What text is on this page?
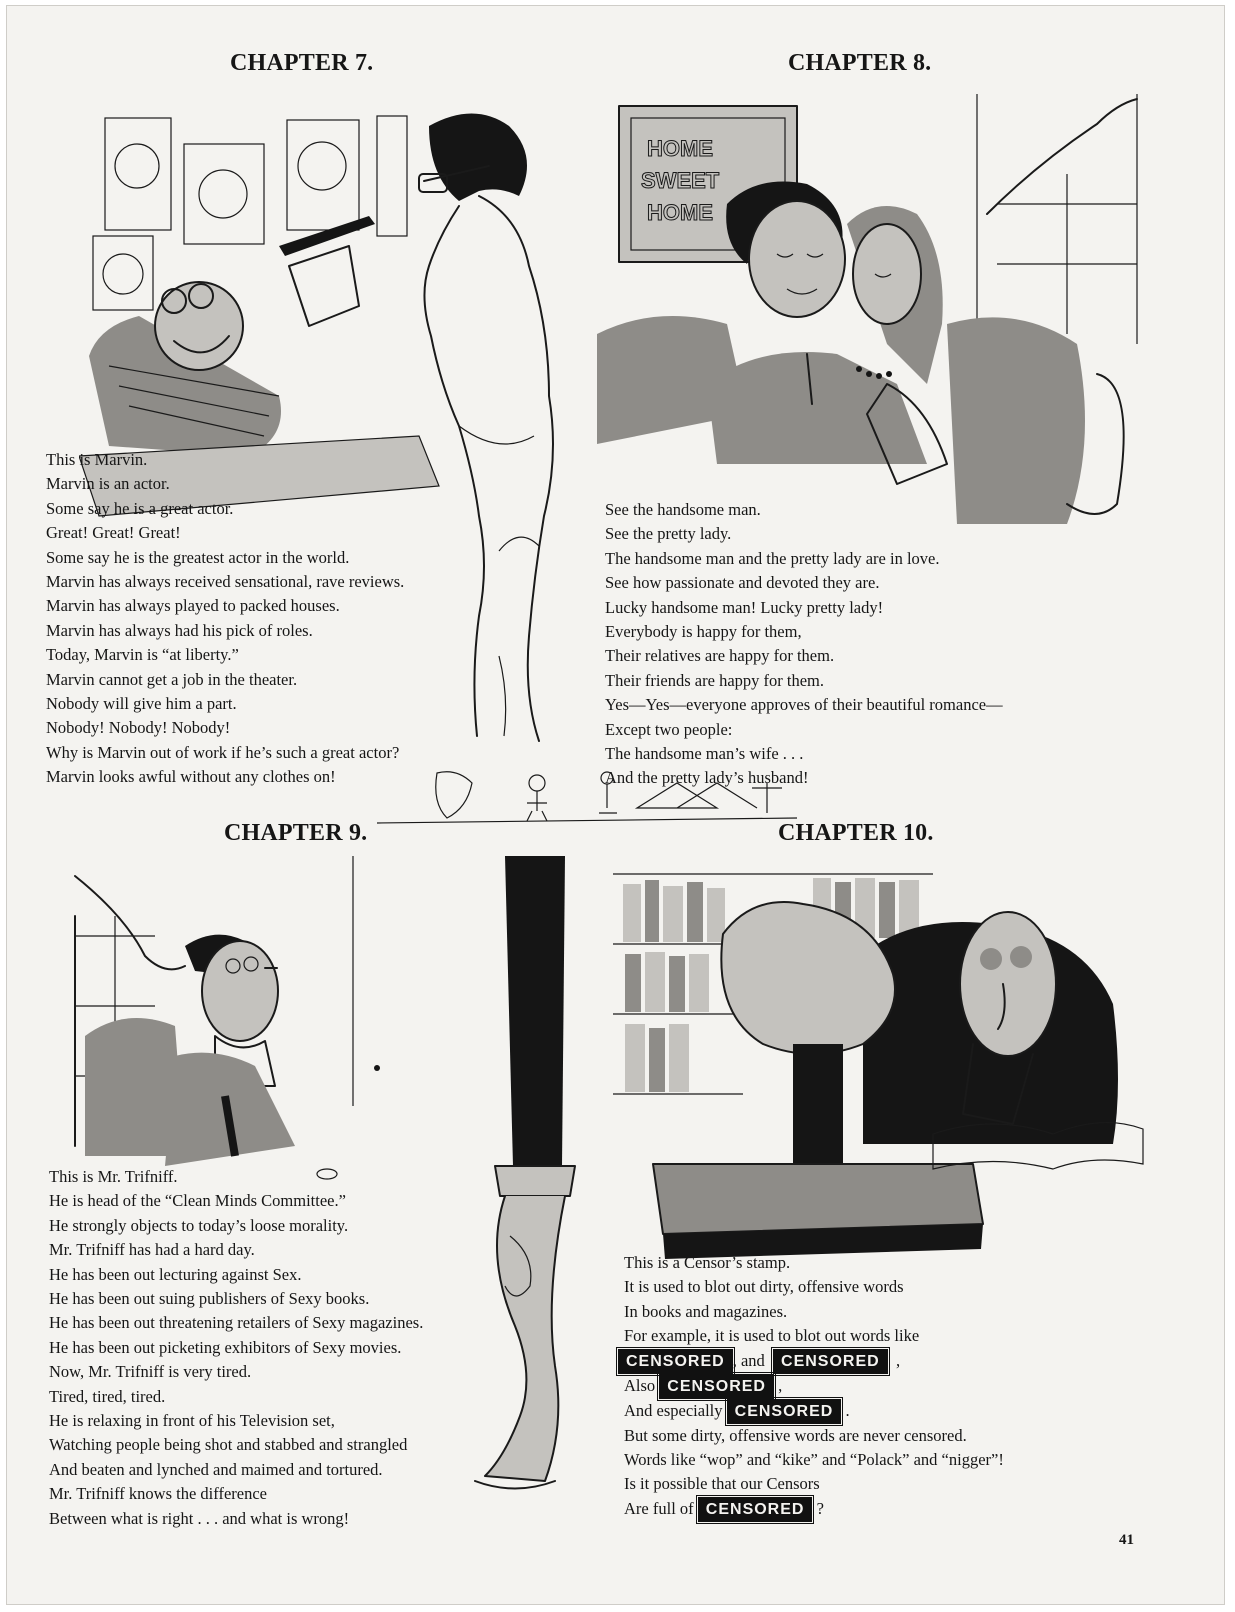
CHAPTER 7.
This is Marvin.
Marvin is an actor.
Some say he is a great actor.
Great! Great! Great!
Some say he is the greatest actor in the world.
Marvin has always received sensational, rave reviews.
Marvin has always played to packed houses.
Marvin has always had his pick of roles.
Today, Marvin is “at liberty.”
Marvin cannot get a job in the theater.
Nobody will give him a part.
Nobody! Nobody! Nobody!
Why is Marvin out of work if he’s such a great actor?
Marvin looks awful without any clothes on!
CHAPTER 8.
HOME
SWEET
HOME
See the handsome man.
See the pretty lady.
The handsome man and the pretty lady are in love.
See how passionate and devoted they are.
Lucky handsome man! Lucky pretty lady!
Everybody is happy for them,
Their relatives are happy for them.
Their friends are happy for them.
Yes—Yes—everyone approves of their beautiful romance—
Except two people:
The handsome man’s wife . . .
And the pretty lady’s husband!
CHAPTER 9.
This is Mr. Trifniff.
He is head of the “Clean Minds Committee.”
He strongly objects to today’s loose morality.
Mr. Trifniff has had a hard day.
He has been out lecturing against Sex.
He has been out suing publishers of Sexy books.
He has been out threatening retailers of Sexy magazines.
He has been out picketing exhibitors of Sexy movies.
Now, Mr. Trifniff is very tired.
Tired, tired, tired.
He is relaxing in front of his Television set,
Watching people being shot and stabbed and strangled
And beaten and lynched and maimed and tortured.
Mr. Trifniff knows the difference
Between what is right . . . and what is wrong!
CHAPTER 10.
This is a Censor’s stamp.
It is used to blot out dirty, offensive words
In books and magazines.
For example, it is used to blot out words like
CENSORED , and CENSORED ,
Also CENSORED ,
And especially CENSORED .
But some dirty, offensive words are never censored.
Words like “wop” and “kike” and “Polack” and “nigger”!
Is it possible that our Censors
Are full of CENSORED ?
41
